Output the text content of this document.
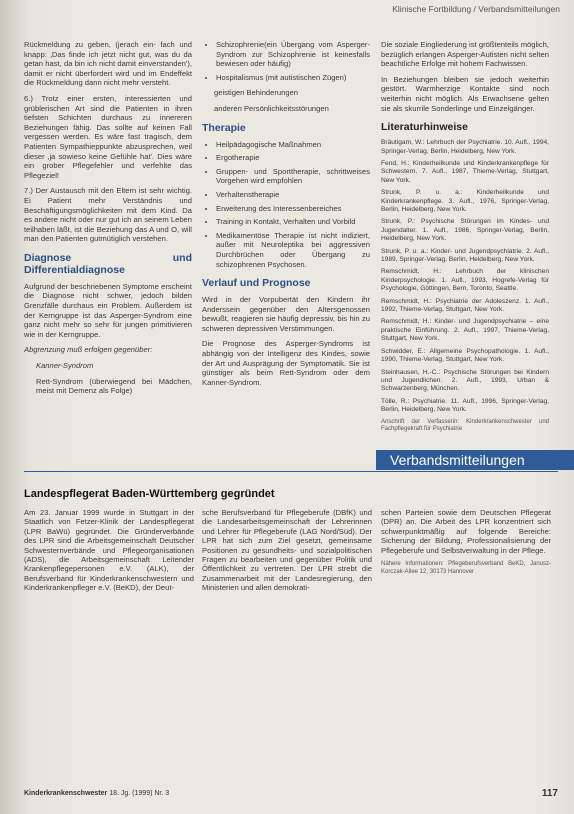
Klinische Fortbildung / Verbandsmitteilungen

Rückmeldung zu geben, (jerach ein- fach und knapp: ‚Das finde ich jetzt nicht gut, was du da getan hast, da bin ich nicht damit einverstanden'), damit er nicht überfordert wird und im Endeffekt die Rückmeldung dann nicht mehr versteht.

6.) Trotz einer ersten, interessierten und grüblerischen Art sind die Patienten in ihren tiefsten Schichten durchaus zu innereren Beziehungen fähig. Das sollte auf keinen Fall vergessen werden. Es wäre fast tragisch, dem Patienten Sympathieppunkte abzusprechen, weil dieser ‚ja sowieso keine Gefühle hat'. Dies wäre ein grober Pflegefehler und verfehlte das Pflegeziel!

7.) Der Austausch mit den Eltern ist sehr wichtig. Ei Patient mehr Verständnis und Beschäftigungsmöglichkeiten mit dem Kind. Da es andere nicht oder nur gut ich an seinem Leben teilhaben läßt, ist die Beziehung das A und O, will man den Patienten gutmütiglich verstehen.

Diagnose und Differentialdiagnose

Aufgrund der beschriebenen Symptome erscheint die Diagnose nicht schwer, jedoch bilden Grenzfälle durchaus ein Problem. Außerdem ist der Kerngruppe ist das Asperger-Syndrom eine ganz nicht mehr so sehr für jungen primitivieren wie in der Kerngruppe.

Abgrenzung muß erfolgen gegenüber:

Kanner-Syndrom

Rett-Syndrom (überwiegend bei Mädchen, meist mit Demenz als Folge)

• Schizophrenie(ein Übergang vom Asperger-Syndrom zur Schizophrenie ist keinesfalls bewiesen oder häufig)
• Hospitalismus (mit autistischen Zügen)

geistigen Behinderungen

anderen Persönlichkeitsstörungen

Therapie
• Heilpädagogische Maßnahmen
• Ergotherapie
• Gruppen- und Sporttherapie, schrittweises Vorgehen wird empfohlen
• Verhaltenstherapie
• Erweiterung des Interessenbereiches
• Training in Kontakt, Verhalten und Vorbild
• Medikamentöse Therapie ist nicht indiziert, außer mit Neuroleptika bei aggressiven Durchbrüchen oder Übergang zu schizophrenen Psychosen.
Verlauf und Prognose

Wird in der Vorpubertät den Kindern ihr Anderssein gegenüber den Altersgenossen bewußt, reagieren sie häufig depressiv, bis hin zu schweren depressiven Verstimmungen.

Die Prognose des Asperger-Syndroms ist abhängig von der Intelligenz des Kindes, sowie der Art und Ausprägung der Symptomatik. Sie ist günstiger als beim Rett-Syndrom oder dem Kanner-Syndrom.

Die soziale Eingliederung ist größtenteils möglich, bezüglich erlangen Asperger-Autisten nicht selten beachtliche Erfolge mit hohem Fachwissen.

In Beziehungen bleiben sie jedoch weiterhin gestört. Warmherzige Kontakte sind noch weiterhin nicht möglich. Als Erwachsene gelten sie als skurrile Sonderlinge und Einzelgänger.

Literaturhinweise

Bräutigam, W.: Lehrbuch der Psychiatrie. 10. Aufl., 1994, Springer-Verlag, Berlin, Heidelberg, New York.

Fend, H.: Kinderheilkunde und Kinderkrankenpflege für Schwestern. 7. Aufl., 1987, Thieme-Verlag, Stuttgart, New York.

Strunk, P. u. a.: Kinderheilkunde und Kinderkrankenpflege. 3. Aufl., 1976, Springer-Verlag, Berlin, Heidelberg, New York.

Strunk, P.: Psychische Störungen im Kindes- und Jugendalter. 1. Aufl., 1986, Springer-Verlag, Berlin, Heidelberg, New York.

Strunk, P. u. a.: Kinder- und Jugendpsychiatrie. 2. Aufl., 1989, Springer-Verlag, Berlin, Heidelberg, New York.

Remschmidt, H.: Lehrbuch der klinischen Kinderpsychologie. 1. Aufl., 1993, Hogrefe-Verlag für Psychologie, Göttingen, Bern, Toronto, Seattle.

Remschmidt, H.: Psychiatrie der Adoleszenz. 1. Aufl., 1992, Thieme-Verlag, Stuttgart, New York.

Remschmidt, H.: Kinder- und Jugendpsychiatrie – eine praktische Einführung. 2. Aufl., 1997, Thieme-Verlag, Stuttgart, New York.

Schwidder, E.: Allgemeine Psychopathologie. 1. Aufl., 1990, Thieme-Verlag, Stuttgart, New York.

Steinhausen, H.-C.: Psychische Störungen bei Kindern und Jugendlichen. 2. Aufl., 1993, Urban & Schwarzenberg, München.

Tölle, R.: Psychiatrie. 11. Aufl., 1996, Springer-Verlag, Berlin, Heidelberg, New York.

Anschrift der Verfasserin: Kinderkrankenschwester und Fachpflegekraft für Psychiatrie

Verbandsmitteilungen
Landespflegerat Baden-Württemberg gegründet

Am 23. Januar 1999 wurde in Stuttgart in der Staatlich von Fetzer-Klinik der Landespflegerat (LPR BaWü) gegründet. Die Gründerverbände des LPR sind die Arbeitsgemeinschaft Deutscher Schwesternverbände und Pflegeorganisationen (ADS), die Arbeitsgemeinschaft Leitender Krankenpflegepersonen e.V. (ALK), der Berufsverband für Kinderkrankenschwestern und Kinderkrankenpfleger e.V. (BeKD), der Deut-

sche Berufsverband für Pflegeberufe (DBfK) und die Landesarbeitsgemeinschaft der Lehrerinnen und Lehrer für Pflegeberufe (LAG Nord/Süd). Der LPR hat sich zum Ziel gesetzt, gemeinsame Positionen zu gesundheits- und sozialpolitischen Fragen zu bearbeiten und gegenüber Politik und Öffentlichkeit zu vertreten. Der LPR strebt die Zusammenarbeit mit der Landesregierung, den Ministerien und allen demokrati-

schen Parteien sowie dem Deutschen Pflegerat (DPR) an. Die Arbeit des LPR konzentriert sich schwerpunktmäßig auf folgende Bereiche: Sicherung der Bildung, Professionalisierung der Pflegeberufe und Selbstverwaltung in der Pflege.

Nähere Informationen: Pflegeberufsverband BeKD, Janusz-Korczak-Allee 12, 30173 Hannover

Kinderkrankenschwester 18. Jg. (1999) Nr. 3	117
